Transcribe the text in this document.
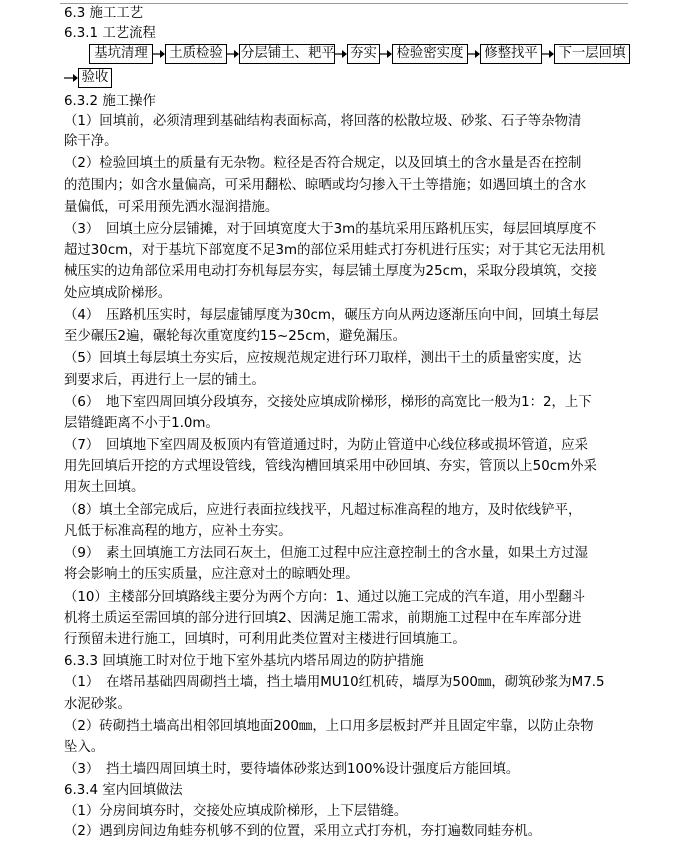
6.3 施工工艺
6.3.1 工艺流程
基坑清理	土质检验	分层铺土、耙平 夯实	检验密实度	修整找平	下一层回填
验收
6.3.2 施工操作
（1）回填前，必须清理到基础结构表面标高，将回落的松散垃圾、砂浆、石子等杂物清
除干净。
（2）检验回填土的质量有无杂物。粒径是否符合规定，以及回填土的含水量是否在控制
的范围内；如含水量偏高，可采用翻松、晾晒或均匀掺入干土等措施；如遇回填土的含水
量偏低，可采用预先洒水湿润措施。
（3）　回填土应分层铺摊，对于回填宽度大于3m的基坑采用压路机压实，每层回填厚度不
超过30cm，对于基坑下部宽度不足3m的部位采用蛙式打夯机进行压实；对于其它无法用机
械压实的边角部位采用电动打夯机每层夯实，每层铺土厚度为25cm，采取分段填筑，交接
处应填成阶梯形。
（4）　压路机压实时，每层虚铺厚度为30cm，碾压方向从两边逐渐压向中间，回填土每层
至少碾压2遍，碾轮每次重宽度约15~25cm，避免漏压。
（5）回填土每层填土夯实后，应按规范规定进行环刀取样，测出干土的质量密实度，达
到要求后，再进行上一层的铺土。
（6）　地下室四周回填分段填夯，交接处应填成阶梯形，梯形的高宽比一般为1：2，上下
层错缝距离不小于1.0m。
（7）　回填地下室四周及板顶内有管道通过时，为防止管道中心线位移或损坏管道，应采
用先回填后开挖的方式埋设管线，管线沟槽回填采用中砂回填、夯实，管顶以上50cm外采
用灰土回填。
（8）填土全部完成后，应进行表面拉线找平，凡超过标准高程的地方，及时依线铲平，
凡低于标准高程的地方，应补土夯实。
（9）　素土回填施工方法同石灰土，但施工过程中应注意控制土的含水量，如果土方过湿
将会影响土的压实质量，应注意对土的晾晒处理。
（10）主楼部分回填路线主要分为两个方向：1、通过以施工完成的汽车道，用小型翻斗
机将土质运至需回填的部分进行回填2、因满足施工需求，前期施工过程中在车库部分进
行预留未进行施工，回填时，可利用此类位置对主楼进行回填施工。
6.3.3 回填施工时对位于地下室外基坑内塔吊周边的防护措施
（1）　在塔吊基础四周砌挡土墙，挡土墙用MU10红机砖，墙厚为500㎜，砌筑砂浆为M7.5
水泥砂浆。
（2）砖砌挡土墙高出相邻回填地面200㎜，上口用多层板封严并且固定牢靠，以防止杂物
坠入。
（3）　挡土墙四周回填土时，要待墙体砂浆达到100%设计强度后方能回填。
6.3.4 室内回填做法
（1）分房间填夯时，交接处应填成阶梯形，上下层错缝。
（2）遇到房间边角蛙夯机够不到的位置，采用立式打夯机，夯打遍数同蛙夯机。
